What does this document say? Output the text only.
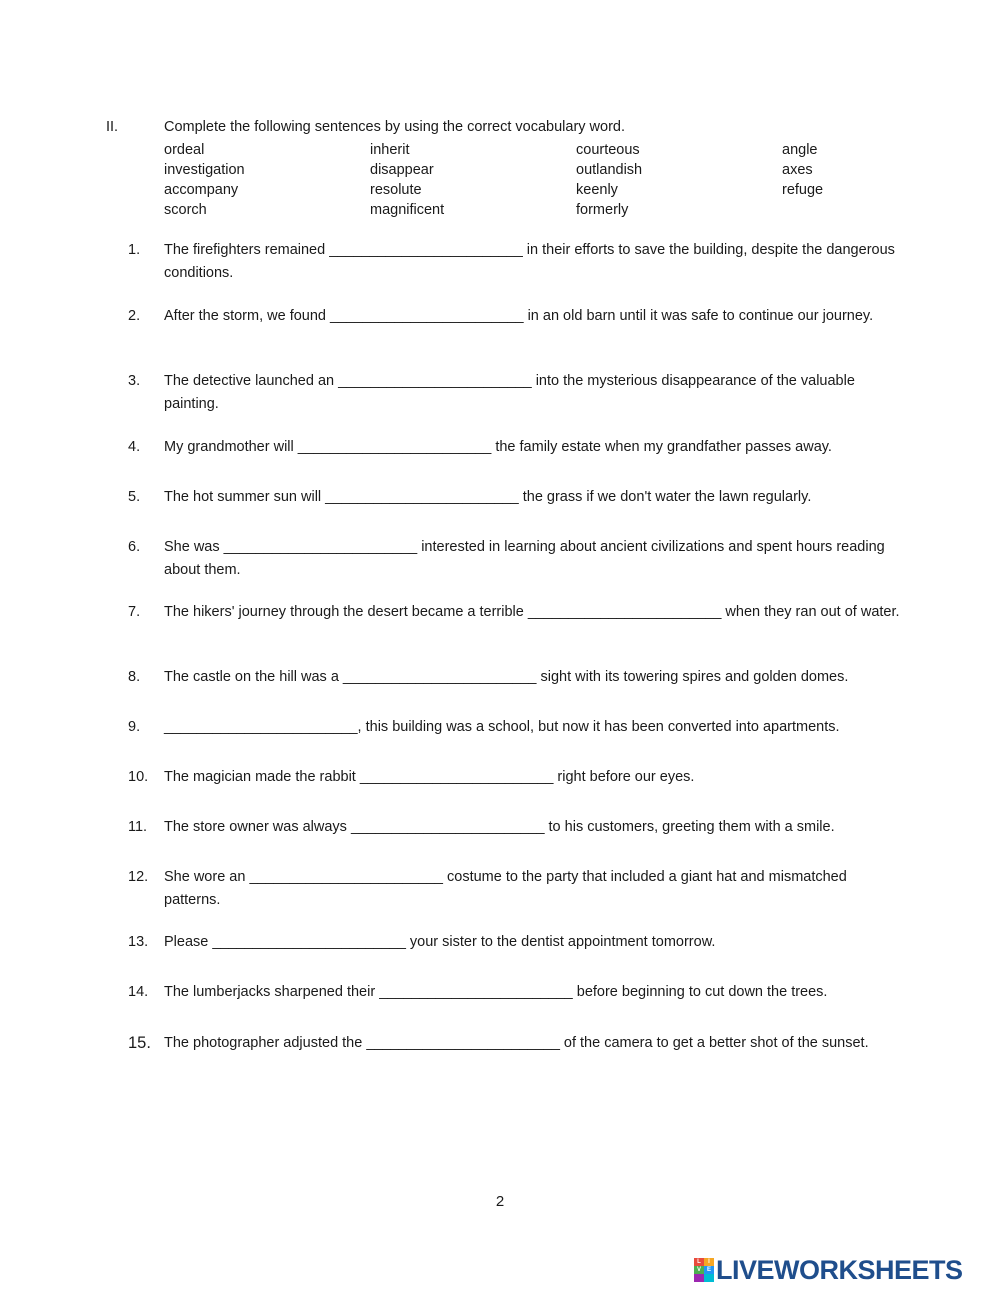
II.	Complete the following sentences by using the correct vocabulary word.
ordeal	inherit	courteous	angle
investigation	disappear	outlandish	axes
accompany	resolute	keenly	refuge
scorch	magnificent	formerly
1.	The firefighters remained ________________________ in their efforts to save the building, despite the dangerous conditions.
2.	After the storm, we found ________________________ in an old barn until it was safe to continue our journey.
3.	The detective launched an ________________________ into the mysterious disappearance of the valuable painting.
4.	My grandmother will ________________________ the family estate when my grandfather passes away.
5.	The hot summer sun will ________________________ the grass if we don't water the lawn regularly.
6.	She was ________________________ interested in learning about ancient civilizations and spent hours reading about them.
7.	The hikers' journey through the desert became a terrible ________________________ when they ran out of water.
8.	The castle on the hill was a ________________________ sight with its towering spires and golden domes.
9.	________________________, this building was a school, but now it has been converted into apartments.
10.	The magician made the rabbit ________________________ right before our eyes.
11.	The store owner was always ________________________ to his customers, greeting them with a smile.
12.	She wore an ________________________ costume to the party that included a giant hat and mismatched patterns.
13.	Please ________________________ your sister to the dentist appointment tomorrow.
14.	The lumberjacks sharpened their ________________________ before beginning to cut down the trees.
15. The photographer adjusted the ________________________ of the camera to get a better shot of the sunset.
2
L	I
V E LIVEWORKSHEETS
